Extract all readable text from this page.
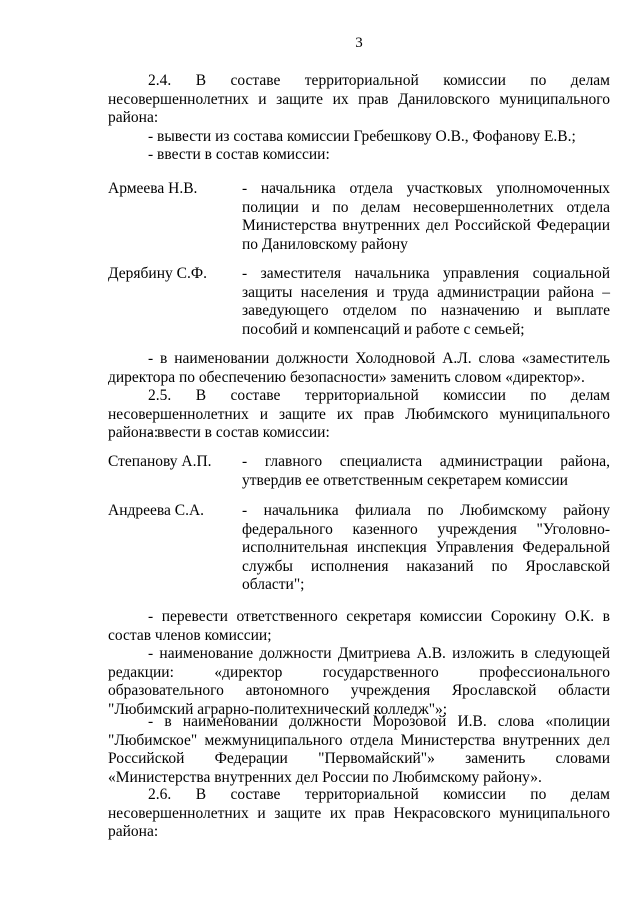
3
2.4. В составе территориальной комиссии по делам несовершеннолетних и защите их прав Даниловского муниципального района:
- вывести из состава комиссии Гребешкову О.В., Фофанову Е.В.;
- ввести в состав комиссии:
Армеева Н.В.	- начальника отдела участковых уполномоченных полиции и по делам несовершеннолетних отдела Министерства внутренних дел Российской Федерации по Даниловскому району
Дерябину С.Ф.	- заместителя начальника управления социальной защиты населения и труда администрации района – заведующего отделом по назначению и выплате пособий и компенсаций и работе с семьей;
- в наименовании должности Холодновой А.Л. слова «заместитель директора по обеспечению безопасности» заменить словом «директор».
2.5. В составе территориальной комиссии по делам несовершеннолетних и защите их прав Любимского муниципального района:
- ввести в состав комиссии:
Степанову А.П.	- главного специалиста администрации района, утвердив ее ответственным секретарем комиссии
Андреева С.А.	- начальника филиала по Любимскому району федерального казенного учреждения "Уголовно-исполнительная инспекция Управления Федеральной службы исполнения наказаний по Ярославской области";
- перевести ответственного секретаря комиссии Сорокину О.К. в состав членов комиссии;
- наименование должности Дмитриева А.В. изложить в следующей редакции: «директор государственного профессионального образовательного автономного учреждения Ярославской области "Любимский аграрно-политехнический колледж"»;
- в наименовании должности Морозовой И.В. слова «полиции "Любимское" межмуниципального отдела Министерства внутренних дел Российской Федерации "Первомайский"» заменить словами «Министерства внутренних дел России по Любимскому району».
2.6. В составе территориальной комиссии по делам несовершеннолетних и защите их прав Некрасовского муниципального района:
